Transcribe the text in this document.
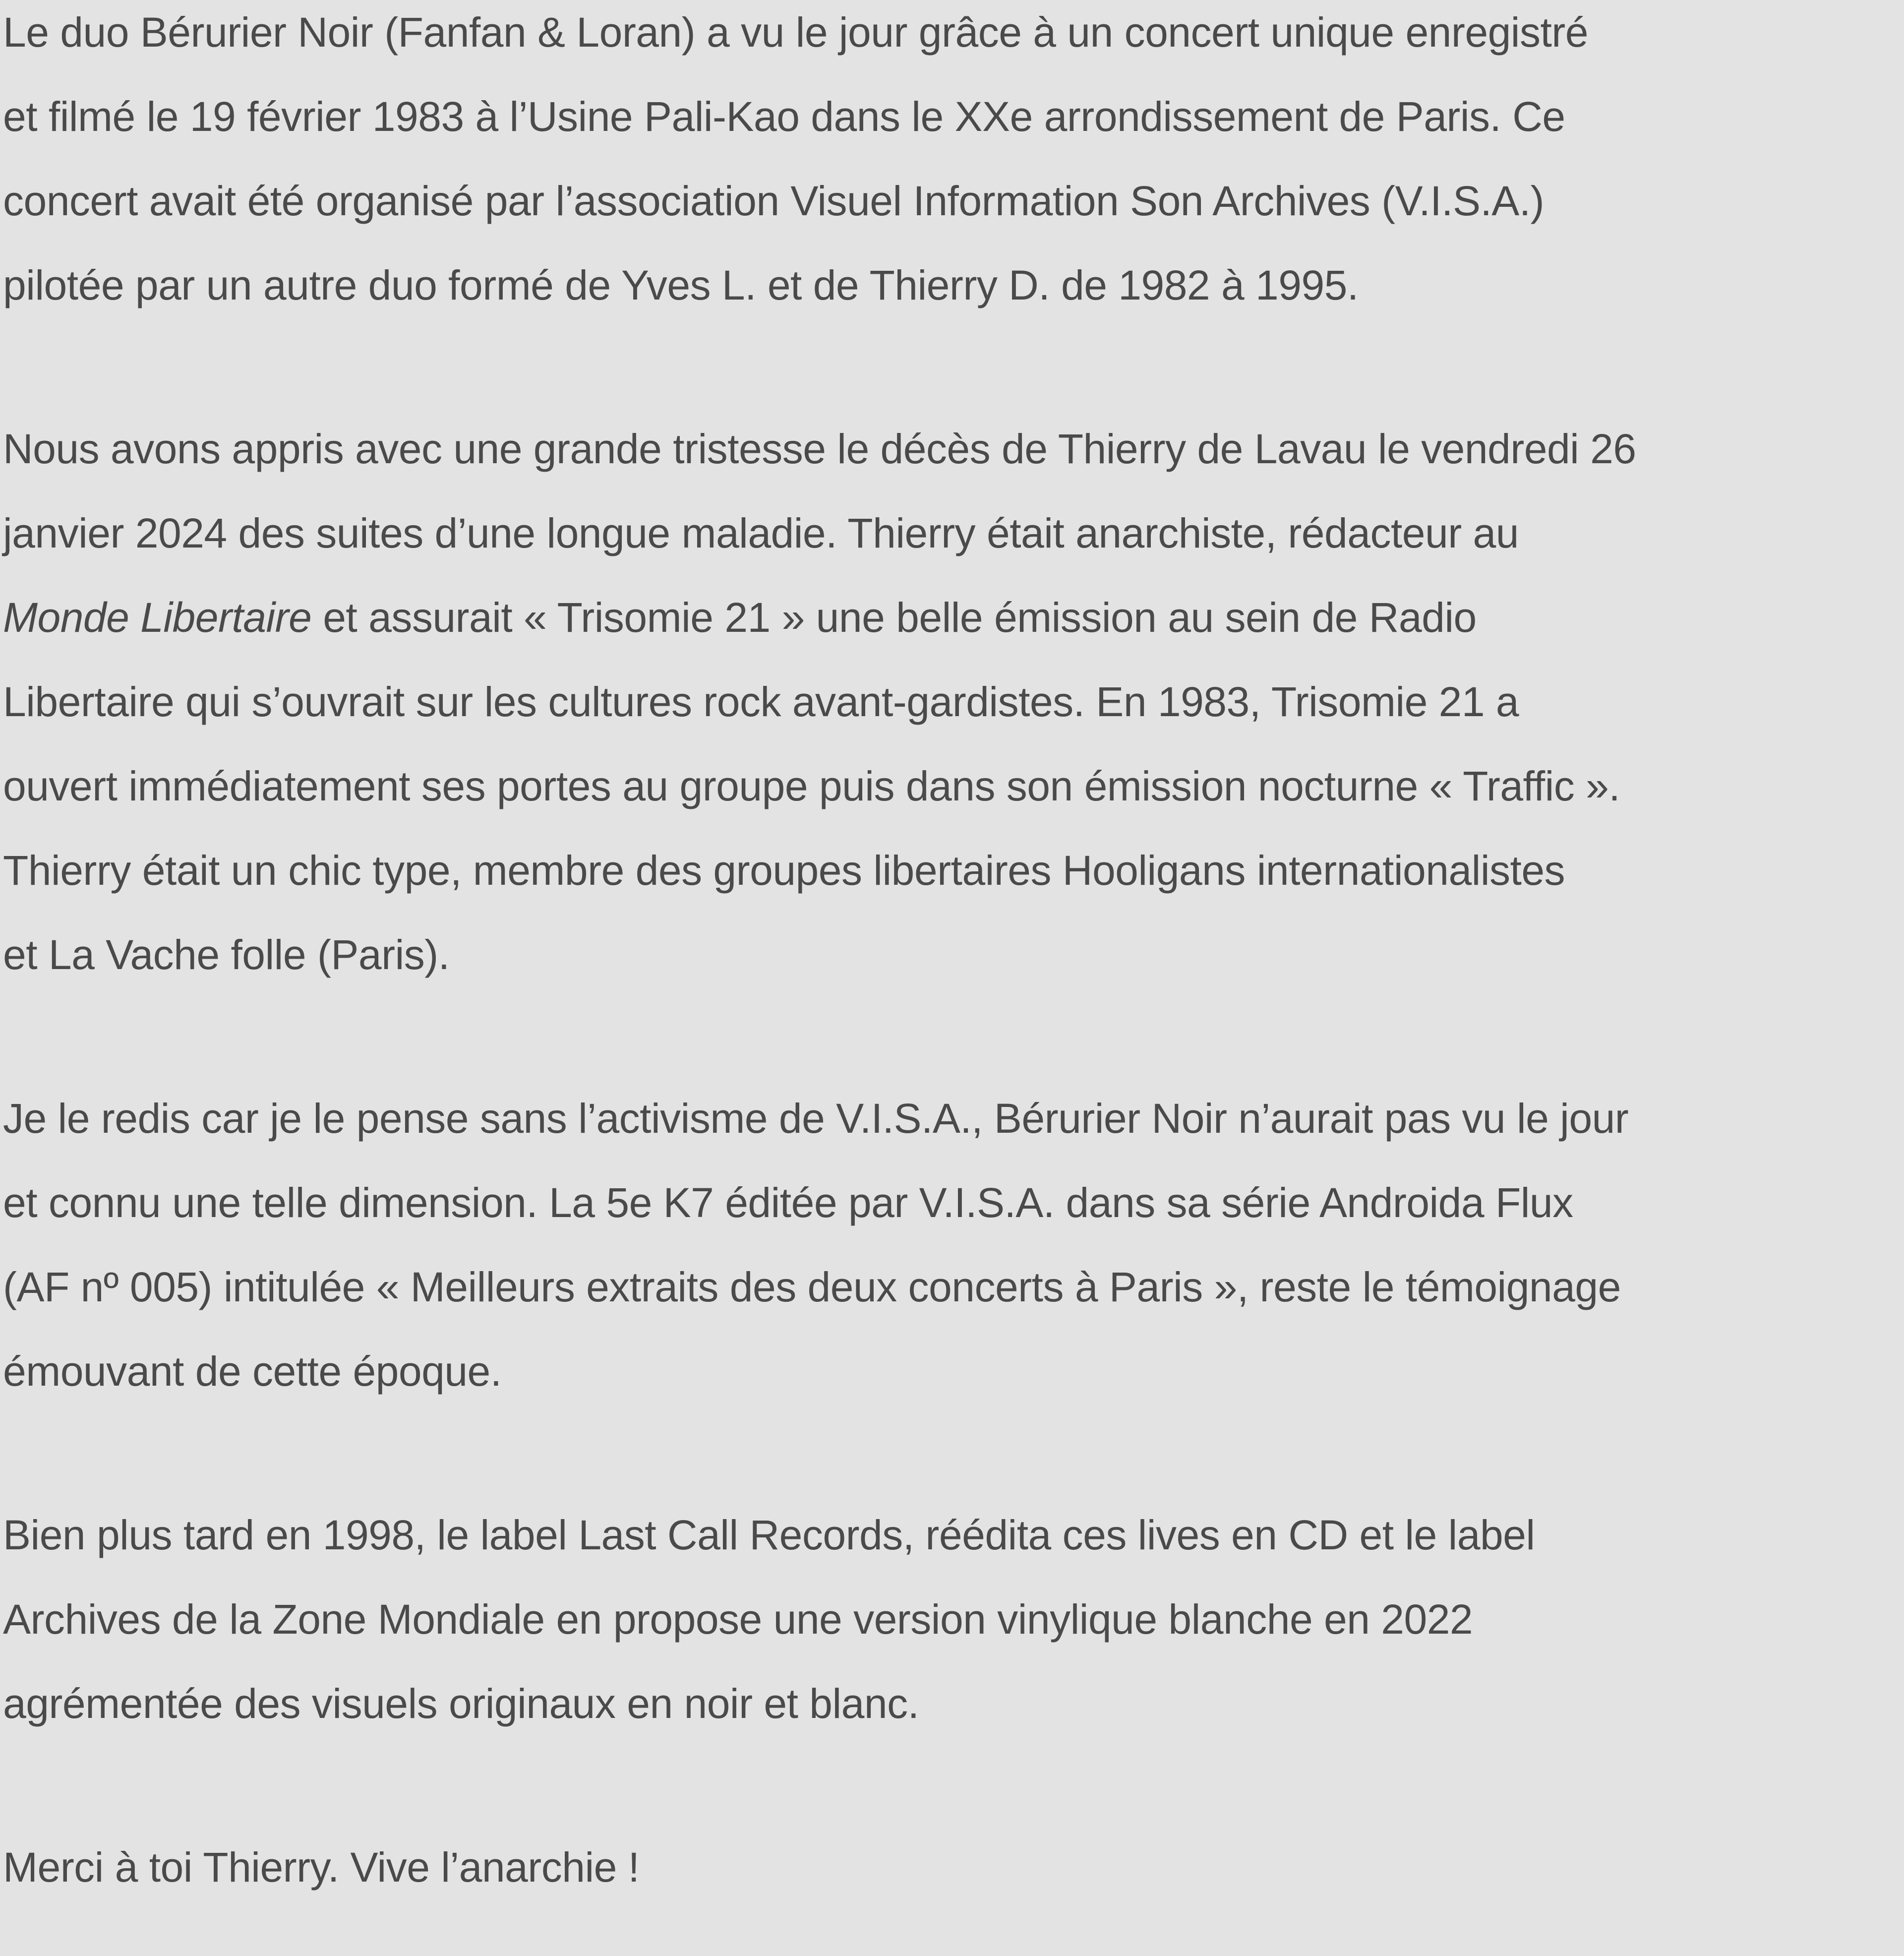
Le duo Bérurier Noir (Fanfan & Loran) a vu le jour grâce à un concert unique enregistré
et filmé le 19 février 1983 à l’Usine Pali-Kao dans le XXe arrondissement de Paris. Ce
concert avait été organisé par l’association Visuel Information Son Archives (V.I.S.A.)
pilotée par un autre duo formé de Yves L. et de Thierry D. de 1982 à 1995.

Nous avons appris avec une grande tristesse le décès de Thierry de Lavau le vendredi 26
janvier 2024 des suites d’une longue maladie. Thierry était anarchiste, rédacteur au
Monde Libertaire et assurait « Trisomie 21 » une belle émission au sein de Radio
Libertaire qui s’ouvrait sur les cultures rock avant-gardistes. En 1983, Trisomie 21 a
ouvert immédiatement ses portes au groupe puis dans son émission nocturne « Traffic ».
Thierry était un chic type, membre des groupes libertaires Hooligans internationalistes
et La Vache folle (Paris).

Je le redis car je le pense sans l’activisme de V.I.S.A., Bérurier Noir n’aurait pas vu le jour
et connu une telle dimension. La 5e K7 éditée par V.I.S.A. dans sa série Androida Flux
(AF nº 005) intitulée « Meilleurs extraits des deux concerts à Paris », reste le témoignage
émouvant de cette époque.

Bien plus tard en 1998, le label Last Call Records, réédita ces lives en CD et le label
Archives de la Zone Mondiale en propose une version vinylique blanche en 2022
agrémentée des visuels originaux en noir et blanc.

Merci à toi Thierry. Vive l’anarchie !
